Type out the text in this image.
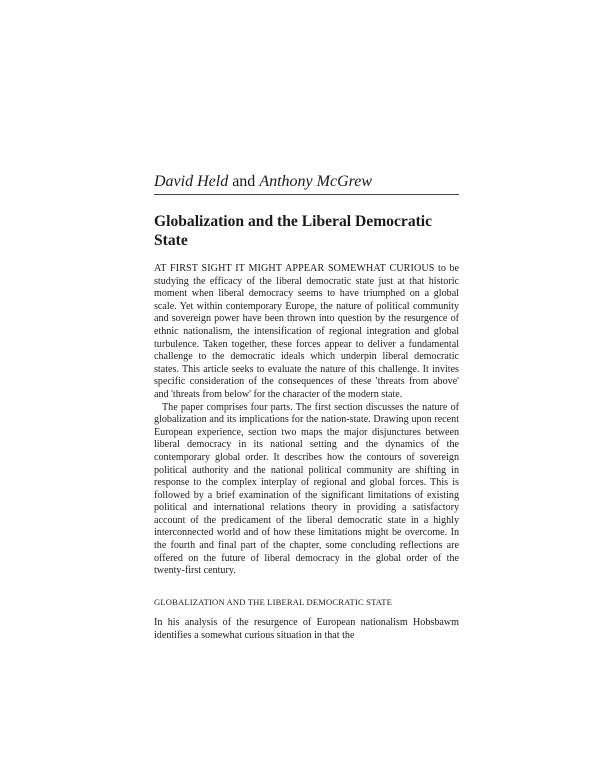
David Held and Anthony McGrew
Globalization and the Liberal Democratic State

AT FIRST SIGHT IT MIGHT APPEAR SOMEWHAT CURIOUS to be studying the efficacy of the liberal democratic state just at that historic moment when liberal democracy seems to have triumphed on a global scale. Yet within contemporary Europe, the nature of political community and sovereign power have been thrown into question by the resurgence of ethnic nationalism, the intensification of regional integration and global turbulence. Taken together, these forces appear to deliver a fundamental challenge to the democratic ideals which underpin liberal democratic states. This article seeks to evaluate the nature of this challenge. It invites specific consideration of the consequences of these 'threats from above' and 'threats from below' for the character of the modern state.

The paper comprises four parts. The first section discusses the nature of globalization and its implications for the nation-state. Drawing upon recent European experience, section two maps the major disjunctures between liberal democracy in its national setting and the dynamics of the contemporary global order. It describes how the contours of sovereign political authority and the national political community are shifting in response to the complex interplay of regional and global forces. This is followed by a brief examination of the significant limitations of existing political and international relations theory in providing a satisfactory account of the predicament of the liberal democratic state in a highly interconnected world and of how these limitations might be overcome. In the fourth and final part of the chapter, some concluding reflections are offered on the future of liberal democracy in the global order of the twenty-first century.

GLOBALIZATION AND THE LIBERAL DEMOCRATIC STATE

In his analysis of the resurgence of European nationalism Hobsbawm identifies a somewhat curious situation in that the
